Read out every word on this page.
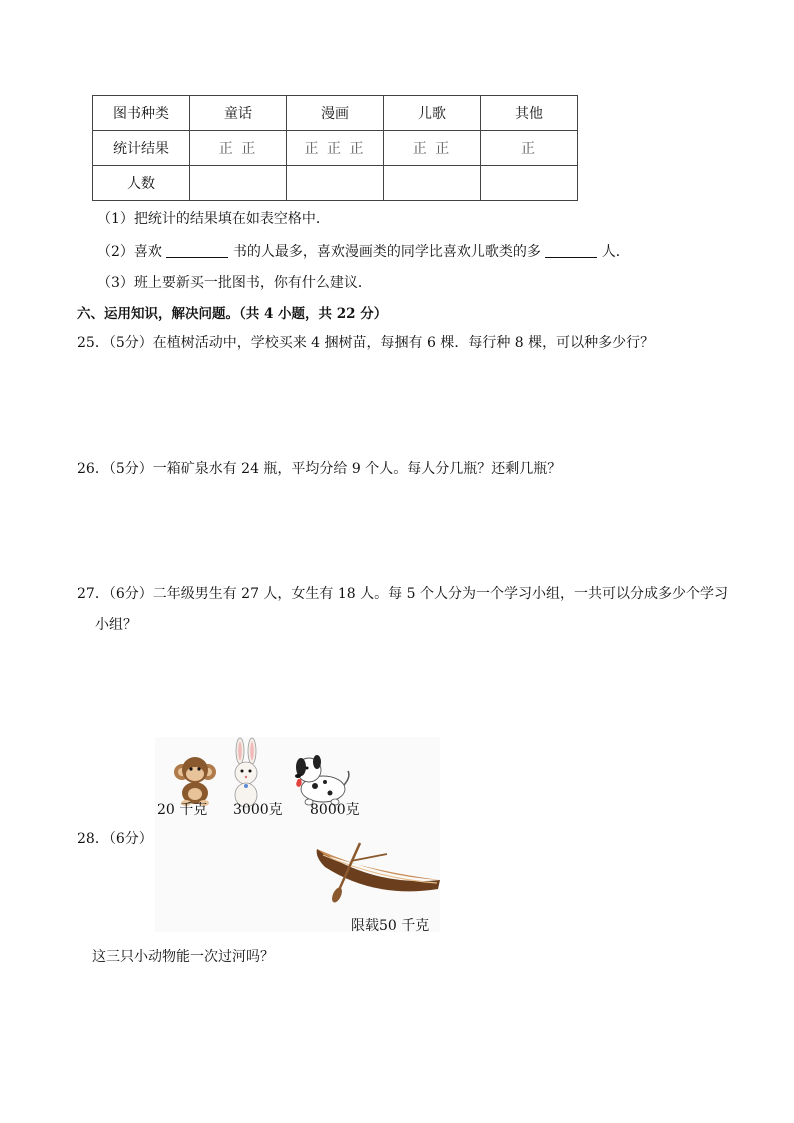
图书种类	童话	漫画	儿歌	其他
统计结果	正 正	正 正 正	正 正	正
人数				
（1）把统计的结果填在如表空格中．
（2）喜欢	书的人最多，喜欢漫画类的同学比喜欢儿歌类的多	人．
（3）班上要新买一批图书，你有什么建议．
六、运用知识，解决问题。（共 4 小题，共 22 分）
25．（5分）在植树活动中，学校买来 4 捆树苗，每捆有 6 棵．每行种 8 棵，可以种多少行？
26．（5分）一箱矿泉水有 24 瓶，平均分给 9 个人。每人分几瓶？还剩几瓶？
27．（6分）二年级男生有 27 人，女生有 18 人。每 5 个人分为一个学习小组，一共可以分成多少个学习
小组？
28．（6分）
20 千克 3000克 8000克
限载50 千克
这三只小动物能一次过河吗？
